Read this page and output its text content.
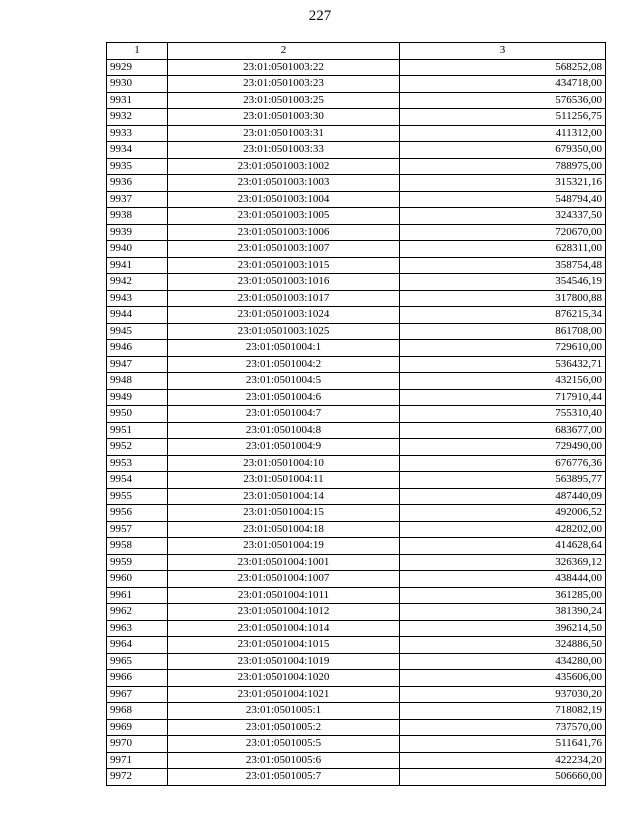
227
1	2	3
9929	23:01:0501003:22	568252,08
9930	23:01:0501003:23	434718,00
9931	23:01:0501003:25	576536,00
9932	23:01:0501003:30	511256,75
9933	23:01:0501003:31	411312,00
9934	23:01:0501003:33	679350,00
9935	23:01:0501003:1002	788975,00
9936	23:01:0501003:1003	315321,16
9937	23:01:0501003:1004	548794,40
9938	23:01:0501003:1005	324337,50
9939	23:01:0501003:1006	720670,00
9940	23:01:0501003:1007	628311,00
9941	23:01:0501003:1015	358754,48
9942	23:01:0501003:1016	354546,19
9943	23:01:0501003:1017	317800,88
9944	23:01:0501003:1024	876215,34
9945	23:01:0501003:1025	861708,00
9946	23:01:0501004:1	729610,00
9947	23:01:0501004:2	536432,71
9948	23:01:0501004:5	432156,00
9949	23:01:0501004:6	717910,44
9950	23:01:0501004:7	755310,40
9951	23:01:0501004:8	683677,00
9952	23:01:0501004:9	729490,00
9953	23:01:0501004:10	676776,36
9954	23:01:0501004:11	563895,77
9955	23:01:0501004:14	487440,09
9956	23:01:0501004:15	492006,52
9957	23:01:0501004:18	428202,00
9958	23:01:0501004:19	414628,64
9959	23:01:0501004:1001	326369,12
9960	23:01:0501004:1007	438444,00
9961	23:01:0501004:1011	361285,00
9962	23:01:0501004:1012	381390,24
9963	23:01:0501004:1014	396214,50
9964	23:01:0501004:1015	324886,50
9965	23:01:0501004:1019	434280,00
9966	23:01:0501004:1020	435606,00
9967	23:01:0501004:1021	937030,20
9968	23:01:0501005:1	718082,19
9969	23:01:0501005:2	737570,00
9970	23:01:0501005:5	511641,76
9971	23:01:0501005:6	422234,20
9972	23:01:0501005:7	506660,00
